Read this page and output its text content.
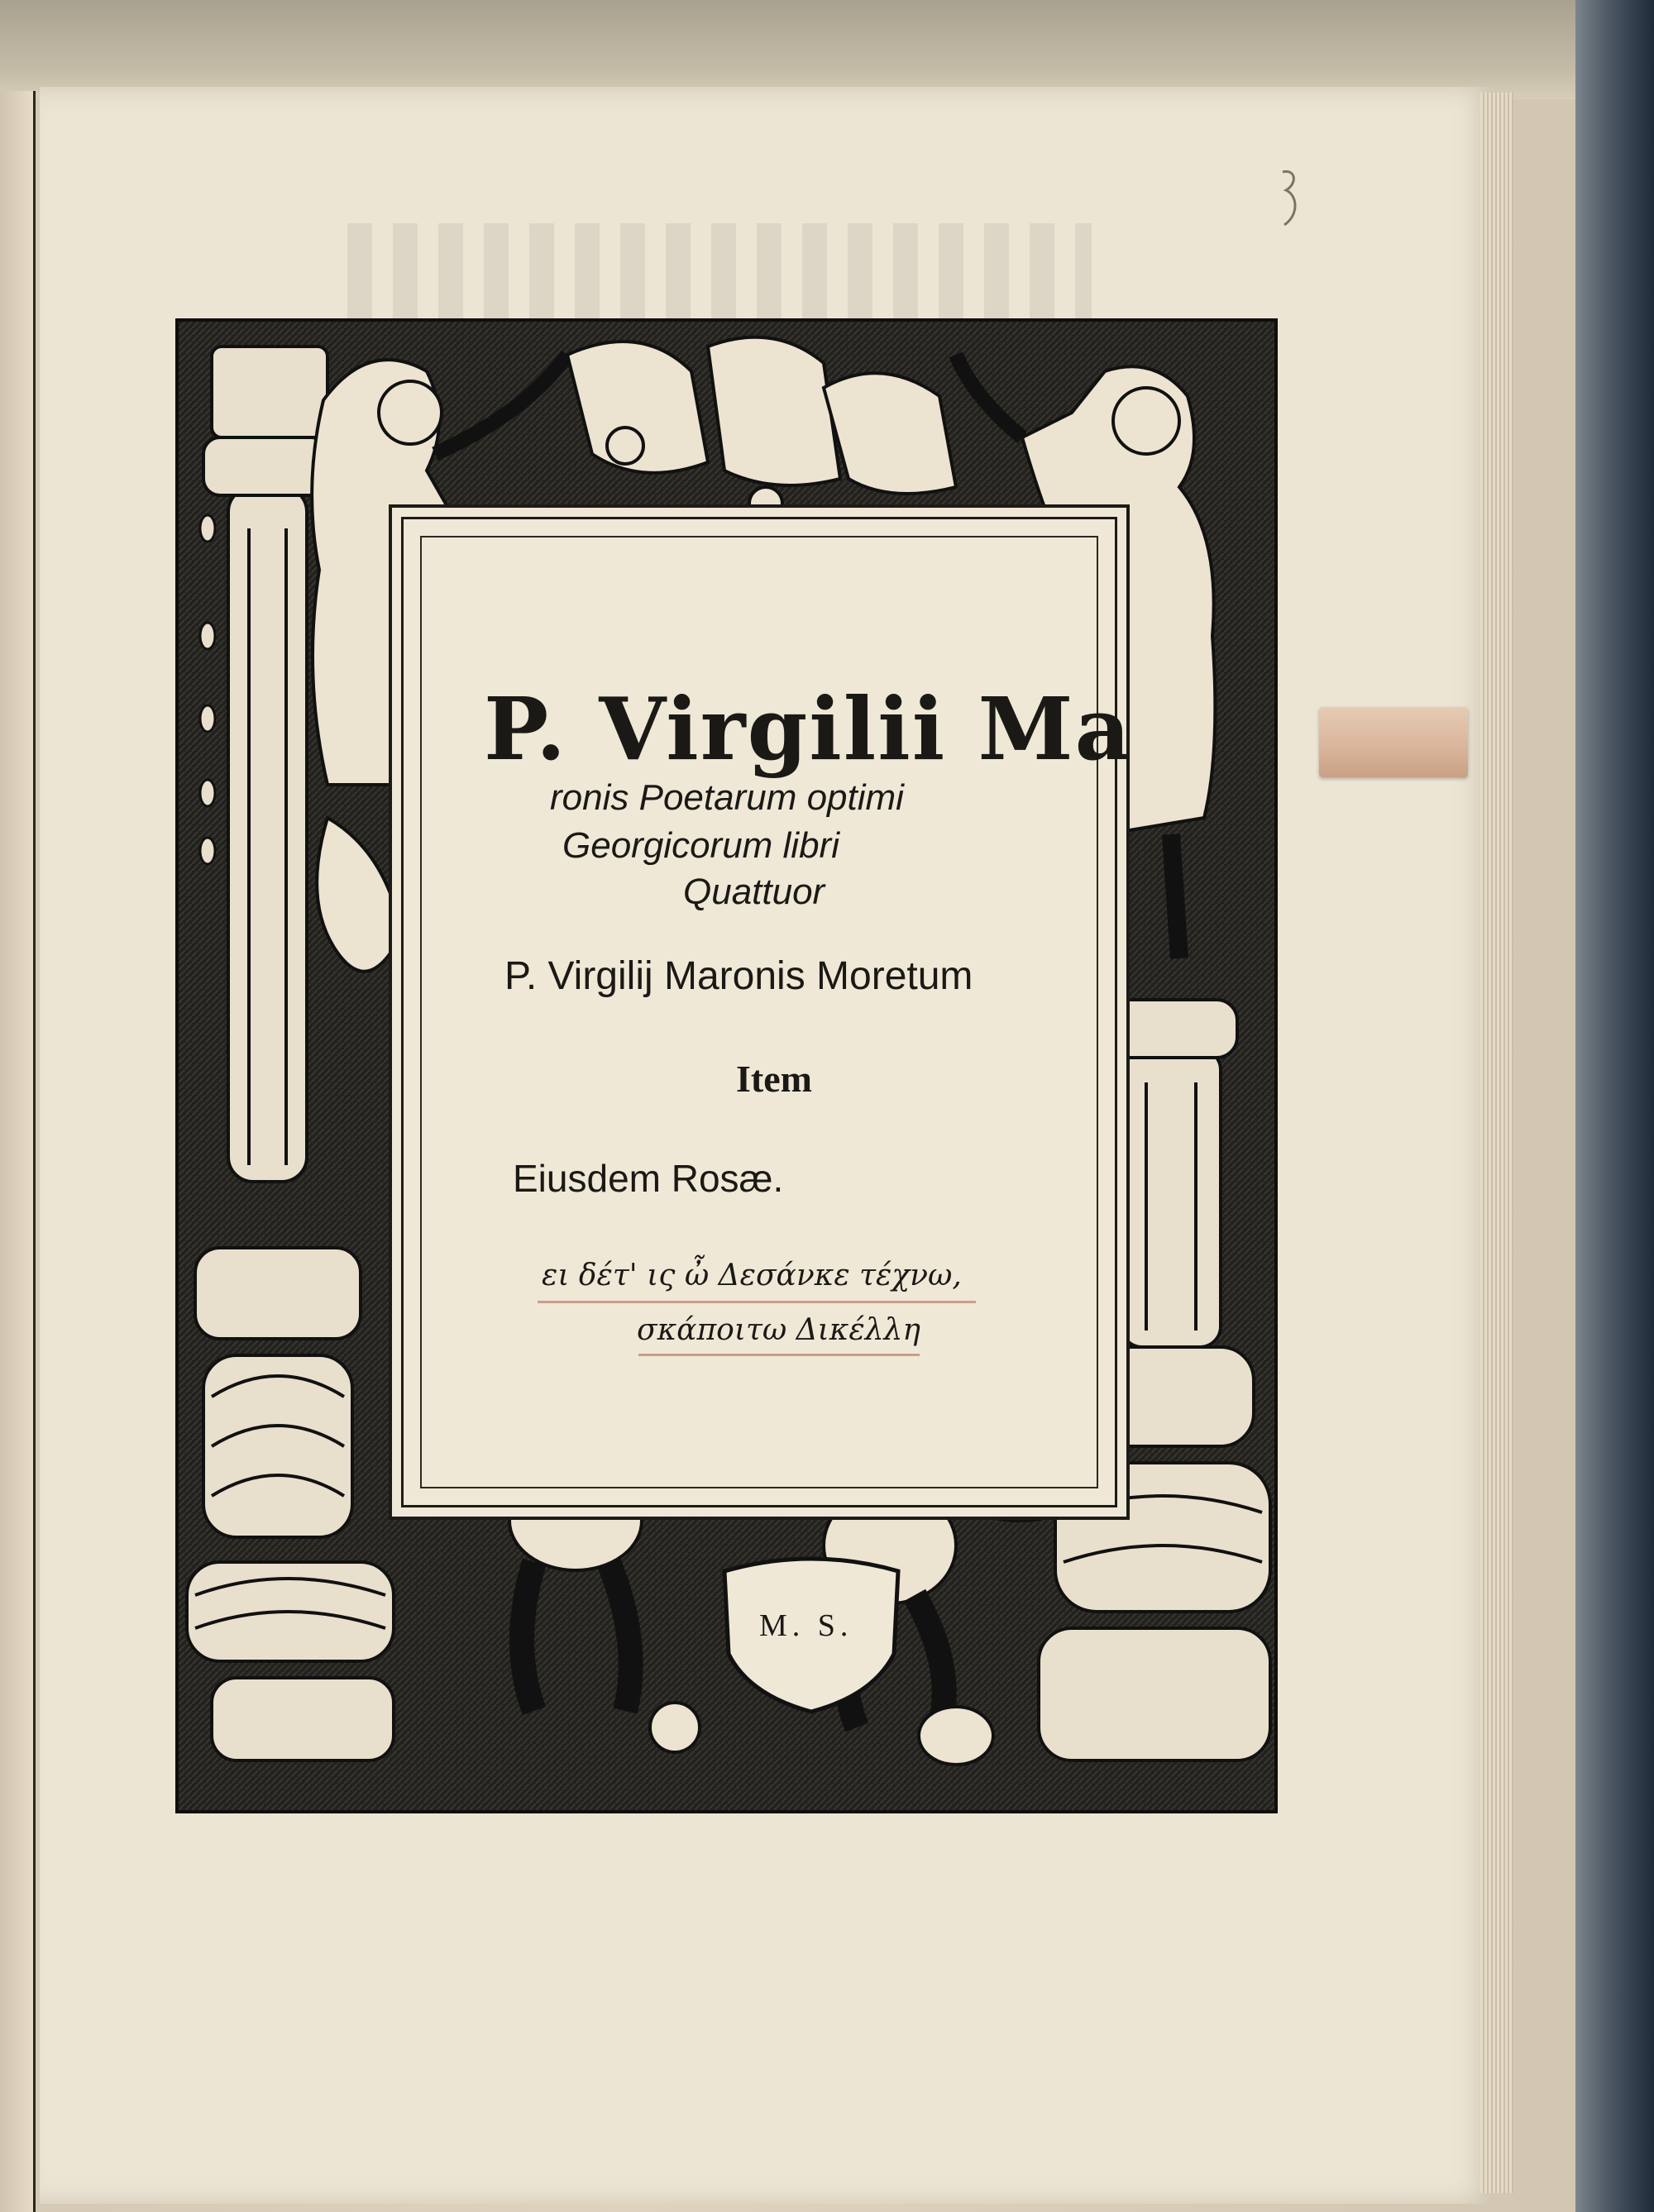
P. Virgilii Ma
ronis Poetarum optimi
Georgicorum libri
Quattuor
P. Virgilij Maronis Moretum
Item
Eiusdem Rosæ.
ει δέτ' ις ὦ Δεσάνκε τέχνω,
σκάποιτω Δικέλλη
M. S.
